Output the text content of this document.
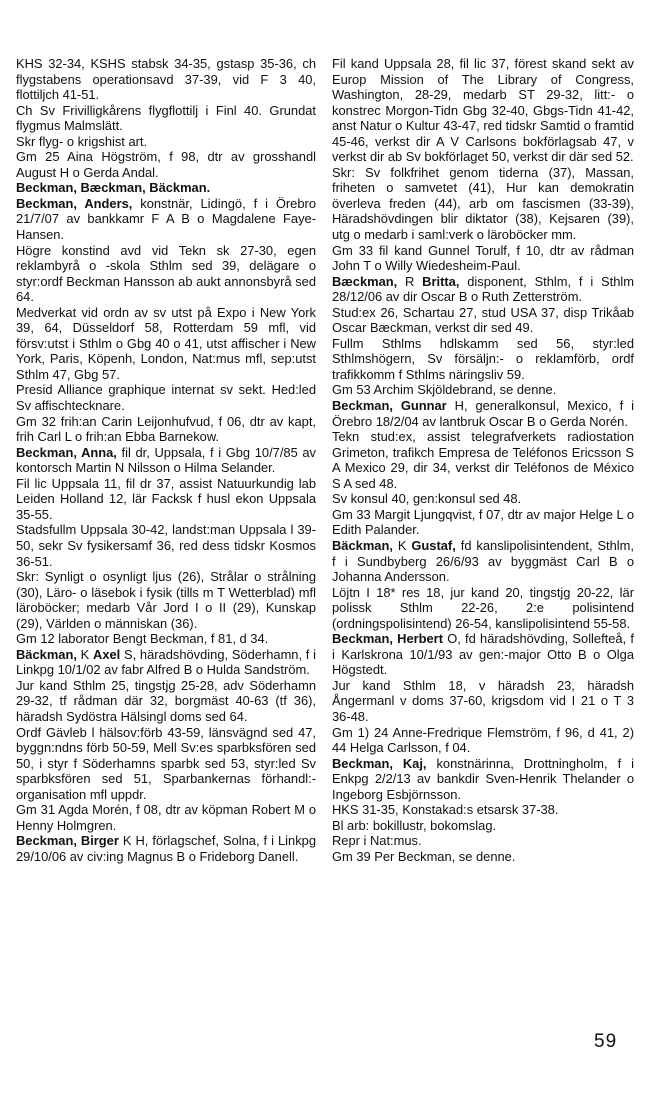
KHS 32-34, KSHS stabsk 34-35, gstasp 35-36, ch flygstabens operationsavd 37-39, vid F 3 40, flottiljch 41-51.

Ch Sv Frivilligkårens flygflottilj i Finl 40. Grundat flygmus Malmslätt.

Skr flyg- o krigshist art.

Gm 25 Aina Högström, f 98, dtr av grosshandl August H o Gerda Andal.

Beckman, Bæckman, Bäckman.

Beckman, Anders, konstnär, Lidingö, f i Örebro 21/7/07 av bankkamr F A B o Magdalene Faye-Hansen.

Högre konstind avd vid Tekn sk 27-30, egen reklambyrå o -skola Sthlm sed 39, delägare o styr:ordf Beckman Hansson ab aukt annonsbyrå sed 64.

Medverkat vid ordn av sv utst på Expo i New York 39, 64, Düsseldorf 58, Rotterdam 59 mfl, vid försv:utst i Sthlm o Gbg 40 o 41, utst affischer i New York, Paris, Köpenh, London, Nat:mus mfl, sep:utst Sthlm 47, Gbg 57.

Presid Alliance graphique internat sv sekt. Hed:led Sv affischtecknare.

Gm 32 frih:an Carin Leijonhufvud, f 06, dtr av kapt, frih Carl L o frih:an Ebba Barnekow.

Beckman, Anna, fil dr, Uppsala, f i Gbg 10/7/85 av kontorsch Martin N Nilsson o Hilma Selander.

Fil lic Uppsala 11, fil dr 37, assist Natuurkundig lab Leiden Holland 12, lär Facksk f husl ekon Uppsala 35-55.

Stadsfullm Uppsala 30-42, landst:man Uppsala l 39-50, sekr Sv fysikersamf 36, red dess tidskr Kosmos 36-51.

Skr: Synligt o osynligt ljus (26), Strålar o strålning (30), Läro- o läsebok i fysik (tills m T Wetterblad) mfl läroböcker; medarb Vår Jord I o II (29), Kunskap (29), Världen o människan (36).

Gm 12 laborator Bengt Beckman, f 81, d 34.

Bäckman, K Axel S, häradshövding, Söderhamn, f i Linkpg 10/1/02 av fabr Alfred B o Hulda Sandström.

Jur kand Sthlm 25, tingstjg 25-28, adv Söderhamn 29-32, tf rådman där 32, borgmäst 40-63 (tf 36), häradsh Sydöstra Hälsingl doms sed 64.

Ordf Gävleb l hälsov:förb 43-59, länsvägnd sed 47, byggn:ndns förb 50-59, Mell Sv:es sparbksfören sed 50, i styr f Söderhamns sparbk sed 53, styr:led Sv sparbksfören sed 51, Sparbankernas förhandl:-organisation mfl uppdr.

Gm 31 Agda Morén, f 08, dtr av köpman Robert M o Henny Holmgren.

Beckman, Birger K H, förlagschef, Solna, f i Linkpg 29/10/06 av civ:ing Magnus B o Frideborg Danell.

Fil kand Uppsala 28, fil lic 37, förest skand sekt av Europ Mission of The Library of Congress, Washington, 28-29, medarb ST 29-32, litt:- o konstrec Morgon-Tidn Gbg 32-40, Gbgs-Tidn 41-42, anst Natur o Kultur 43-47, red tidskr Samtid o framtid 45-46, verkst dir A V Carlsons bokförlagsab 47, v verkst dir ab Sv bokförlaget 50, verkst dir där sed 52.

Skr: Sv folkfrihet genom tiderna (37), Massan, friheten o samvetet (41), Hur kan demokratin överleva freden (44), arb om fascismen (33-39), Häradshövdingen blir diktator (38), Kejsaren (39), utg o medarb i saml:verk o läroböcker mm.

Gm 33 fil kand Gunnel Torulf, f 10, dtr av rådman John T o Willy Wiedesheim-Paul.

Bæckman, R Britta, disponent, Sthlm, f i Sthlm 28/12/06 av dir Oscar B o Ruth Zetterström.

Stud:ex 26, Schartau 27, stud USA 37, disp Trikåab Oscar Bæckman, verkst dir sed 49.

Fullm Sthlms hdlskamm sed 56, styr:led Sthlmshögern, Sv försäljn:- o reklamförb, ordf trafikkomm f Sthlms näringsliv 59.

Gm 53 Archim Skjöldebrand, se denne.

Beckman, Gunnar H, generalkonsul, Mexico, f i Örebro 18/2/04 av lantbruk Oscar B o Gerda Norén.

Tekn stud:ex, assist telegrafverkets radiostation Grimeton, trafikch Empresa de Teléfonos Ericsson S A Mexico 29, dir 34, verkst dir Teléfonos de México S A sed 48.

Sv konsul 40, gen:konsul sed 48.

Gm 33 Margit Ljungqvist, f 07, dtr av major Helge L o Edith Palander.

Bäckman, K Gustaf, fd kanslipolisintendent, Sthlm, f i Sundbyberg 26/6/93 av byggmäst Carl B o Johanna Andersson.

Löjtn I 18* res 18, jur kand 20, tingstjg 20-22, lär polissk Sthlm 22-26, 2:e polisintend (ordningspolisintend) 26-54, kanslipolisintend 55-58.

Beckman, Herbert O, fd häradshövding, Sollefteå, f i Karlskrona 10/1/93 av gen:-major Otto B o Olga Högstedt.

Jur kand Sthlm 18, v häradsh 23, häradsh Ångermanl v doms 37-60, krigsdom vid I 21 o T 3 36-48.

Gm 1) 24 Anne-Fredrique Flemström, f 96, d 41, 2) 44 Helga Carlsson, f 04.

Beckman, Kaj, konstnärinna, Drottningholm, f i Enkpg 2/2/13 av bankdir Sven-Henrik Thelander o Ingeborg Esbjörnsson.

HKS 31-35, Konstakad:s etsarsk 37-38.

Bl arb: bokillustr, bokomslag.

Repr i Nat:mus.

Gm 39 Per Beckman, se denne.

59
